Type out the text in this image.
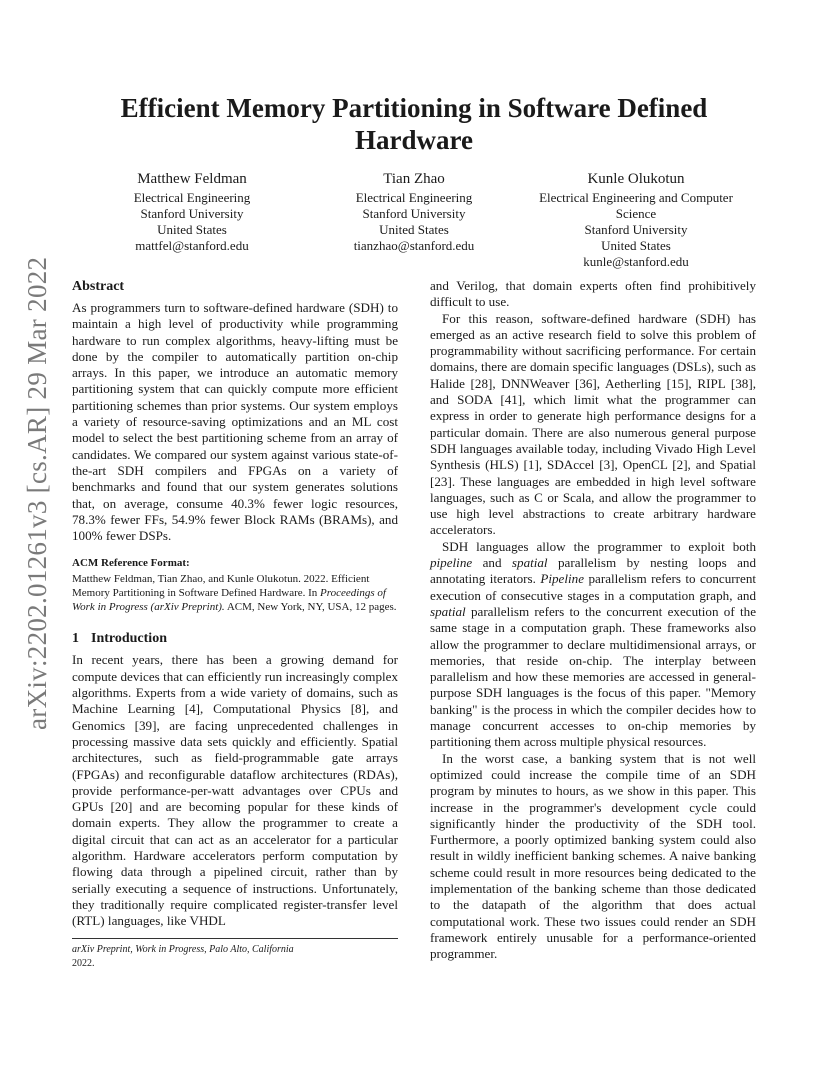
Efficient Memory Partitioning in Software Defined Hardware
Matthew Feldman
Electrical Engineering
Stanford University
United States
mattfel@stanford.edu
Tian Zhao
Electrical Engineering
Stanford University
United States
tianzhao@stanford.edu
Kunle Olukotun
Electrical Engineering and Computer
Science
Stanford University
United States
kunle@stanford.edu
arXiv:2202.01261v3 [cs.AR] 29 Mar 2022 Abstract

As programmers turn to software-defined hardware (SDH) to maintain a high level of productivity while programming hardware to run complex algorithms, heavy-lifting must be done by the compiler to automatically partition on-chip arrays. In this paper, we introduce an automatic memory partitioning system that can quickly compute more efficient partitioning schemes than prior systems. Our system employs a variety of resource-saving optimizations and an ML cost model to select the best partitioning scheme from an array of candidates. We compared our system against various state-of-the-art SDH compilers and FPGAs on a variety of benchmarks and found that our system generates solutions that, on average, consume 40.3% fewer logic resources, 78.3% fewer FFs, 54.9% fewer Block RAMs (BRAMs), and 100% fewer DSPs.

ACM Reference Format:
Matthew Feldman, Tian Zhao, and Kunle Olukotun. 2022. Efficient Memory Partitioning in Software Defined Hardware. In Proceedings of Work in Progress (arXiv Preprint). ACM, New York, NY, USA, 12 pages.
1 Introduction

In recent years, there has been a growing demand for compute devices that can efficiently run increasingly complex algorithms. Experts from a wide variety of domains, such as Machine Learning [4], Computational Physics [8], and Genomics [39], are facing unprecedented challenges in processing massive data sets quickly and efficiently. Spatial architectures, such as field-programmable gate arrays (FPGAs) and reconfigurable dataflow architectures (RDAs), provide performance-per-watt advantages over CPUs and GPUs [20] and are becoming popular for these kinds of domain experts. They allow the programmer to create a digital circuit that can act as an accelerator for a particular algorithm. Hardware accelerators perform computation by flowing data through a pipelined circuit, rather than by serially executing a sequence of instructions. Unfortunately, they traditionally require complicated register-transfer level (RTL) languages, like VHDL

and Verilog, that domain experts often find prohibitively difficult to use.

For this reason, software-defined hardware (SDH) has emerged as an active research field to solve this problem of programmability without sacrificing performance. For certain domains, there are domain specific languages (DSLs), such as Halide [28], DNNWeaver [36], Aetherling [15], RIPL [38], and SODA [41], which limit what the programmer can express in order to generate high performance designs for a particular domain. There are also numerous general purpose SDH languages available today, including Vivado High Level Synthesis (HLS) [1], SDAccel [3], OpenCL [2], and Spatial [23]. These languages are embedded in high level software languages, such as C or Scala, and allow the programmer to use high level abstractions to create arbitrary hardware accelerators.

SDH languages allow the programmer to exploit both pipeline and spatial parallelism by nesting loops and annotating iterators. Pipeline parallelism refers to concurrent execution of consecutive stages in a computation graph, and spatial parallelism refers to the concurrent execution of the same stage in a computation graph. These frameworks also allow the programmer to declare multidimensional arrays, or memories, that reside on-chip. The interplay between parallelism and how these memories are accessed in general-purpose SDH languages is the focus of this paper. "Memory banking" is the process in which the compiler decides how to manage concurrent accesses to on-chip memories by partitioning them across multiple physical resources.

In the worst case, a banking system that is not well optimized could increase the compile time of an SDH program by minutes to hours, as we show in this paper. This increase in the programmer's development cycle could significantly hinder the productivity of the SDH tool. Furthermore, a poorly optimized banking system could also result in wildly inefficient banking schemes. A naive banking scheme could result in more resources being dedicated to the implementation of the banking scheme than those dedicated to the datapath of the algorithm that does actual computational work. These two issues could render an SDH framework entirely unusable for a performance-oriented programmer.

arXiv Preprint, Work in Progress, Palo Alto, California
2022.
